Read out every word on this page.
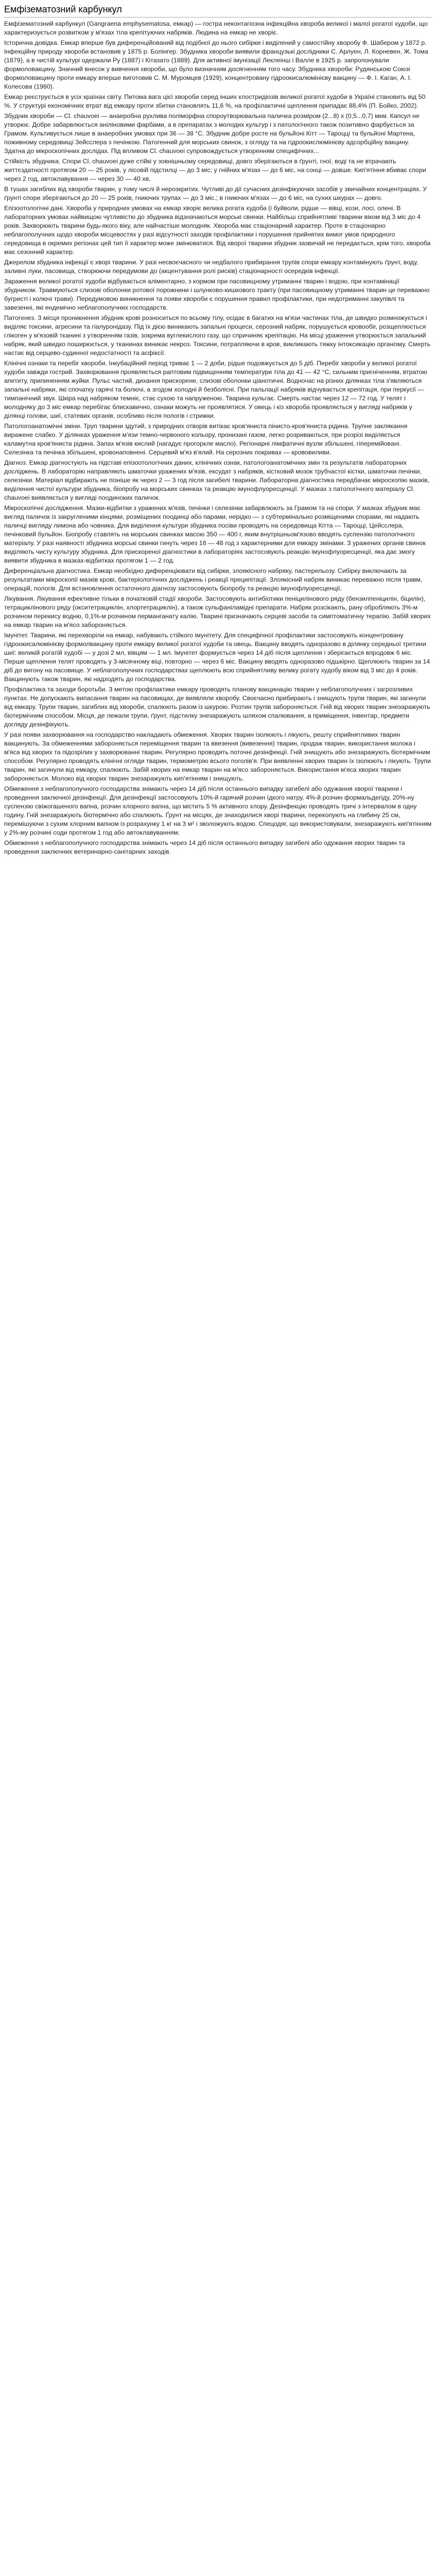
Емфізематозний карбункул

Емфізематозний карбункул (Gangraena emphysematosa, емкар) — гостра неконтагіозна інфекційна хвороба великої і малої рогатої худоби, що характеризується розвитком у м'язах тіла крепітуючих набряків. Людина на емкар не хворіє.

Історична довідка. Емкар вперше був диференційований від подібної до нього сибірки і виділений у самостійну хворобу Ф. Шабером у 1872 р. Інфекційну природу хвороби встановив у 1875 р. Болінгер. Збудника хвороби виявили французькі дослідники С. Арлуен, Л. Корневен, Ж. Тома (1879), а в чистій культурі одержали Ру (1887) і Кітазато (1889). Для активної імунізації Леклеінш і Валле в 1925 р. запропонували формоловакцину. Значний внесок у вивчення хвороби, що було визначним досягненням того часу. Збудника хвороби: Рудянською Союзі формоловакцину проти емкару вперше виготовив С. М. Муромцев (1929), концентровану гідроокисалюмінієву вакцину — Ф. І. Каган, А. І. Колесова (1960).

Емкар реєструється в усіх країнах світу. Питома вага цієї хвороби серед інших клостридіозів великої рогатої худоби в Україні становить від 50 %. У структурі економічних втрат від емкару проти збитки становлять 11,6 %, на профілактичні щеплення припадає 88,4% (П. Бойко, 2002).

Збудник хвороби — Cl. chauvoei — анаеробна рухлива поліморфна спороутворювальна паличка розміром (2...8) х (0,5...0,7) мкм. Капсул не утворює. Добре забарвлюється аніліновими фарбами, а в препаратах з молодих культур і з патологічного також позитивно фарбується за Грамом. Культивується лише в анаеробних умовах при 36 — 38 °С. Збудник добре росте на бульйоні Кітт — Тароцці та бульйоні Мартена, поживному середовищі Зейсслера з печінкою. Патогенний для морських свинок, з огляду та на гідроокислюмінієву адсорбційну вакцину. Здатна до мікроскопічних дослідах. Під впливом Cl. chauvoei супровождується утворенням специфічних...

Стійкість збудника. Спори Cl. chauvoei дуже стійкі у зовнішньому середовищі, довго зберігаються в ґрунті, гної, воді та не втрачають життєздатності протягом 20 — 25 років, у лісовій підстилці — до 3 міс; у гнійних м'язах — до 6 міс, на сонці — довше. Кип'ятіння вбиває спори через 2 год, автоклавування — через 30 — 40 хв.

В тушах загиблих від хвороби тварин, у тому числі й нерозкритих. Чутливі до дії сучасних дезінфікуючих засобів у звичайних концентраціях. У ґрунті спори зберігаються до 20 — 25 років, гниючих трупах — до 3 міс.; в гниючих м'язах — до 6 міс, на сухих шкурах — довго.

Епізоотологічні дані. Хвороба у природних умовах на емкар хворіє велика рогата худоба (і буйволи, рідше — вівці, кози, лосі, олені. В лабораторних умовах найвищою чутливістю до збудника відзначаються морські свинки. Найбільш сприйнятливі тварини віком від 3 міс до 4 років. Захворюють тварини будь-якого віку, але найчастіше молодняк. Хвороба має стаціонарний характер. Проте в стаціонарно неблагополучних щодо хвороби місцевостях у разі відсутності заходів профілактики і порушення прийнятих вимог умов природного середовища в окремих регіонах цей тип її характер може змінюватися. Від хворої тварини збудник зазвичай не передається, крім того, хвороба має сезонний характер.

Джерелом збудника інфекції є хворі тварини. У разі несвоєчасного чи недбалого прибирання трупів спори емкару контамінують ґрунт, воду, заливні луки, пасовища, створюючи передумови до (акцентування ролі рисків) стаціонарності осередків інфекції.

Зараження великої рогатої худоби відбувається аліментарно, з кормом при пасовищному утриманні тварин і водою, при контамінації збудником. Травмуються слизові оболонки ротової порожнини і шлунково-кишкового тракту (при пасовищному утриманні тварин це переважно бугристі і колючі трави). Передумовою виникнення та появи хвороби є порушення правил профілактики, при недотриманні закупівлі та завезенні, які ендемічно неблагополучних господарств.

Патогенез. З місця проникнення збудник крові розноситься по всьому тілу, осідає в багатих на м'язи частинах тіла, де швидко розмножується і виділяє токсини, агресини та гіалуронідазу. Під їх дією виникають запальні процеси, серозний набряк, порушується кровообіг, розщеплюється глікоген у м'язовій тканині з утворенням газів, зокрема вуглекислого газу, що спричиняє крепітацію. На місці ураження утворюється запальний набряк, який швидко поширюється, у тканинах виникає некроз. Токсини, потрапляючи в кров, викликають тяжку інтоксикацію організму. Смерть настає від серцево-судинної недостатності та асфіксії.

Клінічні ознаки та перебіг хвороби. Інкубаційний період триває 1 — 2 доби, рідше подовжується до 5 діб. Перебіг хвороби у великої рогатої худоби завжди гострий. Захворювання проявляється раптовим підвищенням температури тіла до 41 — 42 °С, сильним пригніченням, втратою апетиту, припиненням жуйки. Пульс частий, дихання прискорене, слизові оболонки ціанотичні. Водночас на різних ділянках тіла з'являються запальні набряки, які спочатку гарячі та болючі, а згодом холодні й безболісні. При пальпації набряків відчувається крепітація, при перкусії — тимпанічний звук. Шкіра над набряком темніє, стає сухою та напруженою. Тварина кульгає. Смерть настає через 12 — 72 год. У телят і молодняку до 3 міс емкар перебігає блискавично, ознаки можуть не проявлятися. У овець і кіз хвороба проявляється у вигляді набряків у ділянці голови, шиї, статевих органів, особливо після пологів і стрижки.

Патологоанатомічні зміни. Труп тварини здутий, з природних отворів витікає кров'яниста пінисто-кров'яниста рідина. Трупне заклякання виражене слабко. У ділянках ураження м'язи темно-червоного кольору, пронизані газом, легко розриваються, при розрізі виділяється каламутна кров'яниста рідина. Запах м'язів кислий (нагадує прогоркле масло). Регіонарні лімфатичні вузли збільшені, гіперемійовані. Селезінка та печінка збільшені, кровонаповнені. Серцевий м'яз в'ялий. На серозних покривах — крововиливи.

Діагноз. Емкар діагностують на підставі епізоотологічних даних, клінічних ознак, патологоанатомічних змін та результатів лабораторних досліджень. В лабораторію направляють шматочки уражених м'язів, ексудат з набряків, кістковий мозок трубчастої кістки, шматочки печінки, селезінки. Матеріал відбирають не пізніше як через 2 — 3 год після загибелі тварини. Лабораторна діагностика передбачає мікроскопію мазків, виділення чистої культури збудника, біопробу на морських свинках та реакцію імунофлуоресценції. У мазках з патологічного матеріалу Cl. chauvoei виявляється у вигляді поодиноких паличок.

Мікроскопічні дослідження. Мазки-відбитки з уражених м'язів, печінки і селезінки забарвлюють за Грамом та на спори. У мазках збудник має вигляд паличок із закругленими кінцями, розміщених поодинці або парами, нерідко — з субтермінально розміщеними спорами, які надають паличці вигляду лимона або човника. Для виділення культури збудника посіви проводять на середовища Кітта — Тароцці, Цейсслера, печінковий бульйон. Біопробу ставлять на морських свинках масою 350 — 400 г, яким внутрішньом'язово вводять суспензію патологічного матеріалу. У разі наявності збудника морські свинки гинуть через 16 — 48 год з характерними для емкару змінами. З уражених органів свинок виділяють чисту культуру збудника. Для прискореної діагностики в лабораторіях застосовують реакцію імунофлуоресценції, яка дає змогу виявити збудника в мазках-відбитках протягом 1 — 2 год.

Диференціальна діагностика. Емкар необхідно диференціювати від сибірки, злоякісного набряку, пастерельозу. Сибірку виключають за результатами мікроскопії мазків крові, бактеріологічних досліджень і реакції преципітації. Злоякісний набряк виникає переважно після травм, операцій, пологів. Для встановлення остаточного діагнозу застосовують біопробу та реакцію імунофлуоресценції.

Лікування. Лікування ефективне тільки в початковій стадії хвороби. Застосовують антибіотики пеніцилінового ряду (бензилпеніцилін, біцилін), тетрациклінового ряду (окситетрациклін, хлортетрациклін), а також сульфаніламідні препарати. Набряк розсікають, рану обробляють 3%-м розчином перекису водню, 0,1%-м розчином перманганату калію. Тварині призначають серцеві засоби та симптоматичну терапію. Забій хворих на емкар тварин на м'ясо забороняється.

Імунітет. Тварини, які перехворіли на емкар, набувають стійкого імунітету. Для специфічної профілактики застосовують концентровану гідроокисалюмінієву формолвакцину проти емкару великої рогатої худоби та овець. Вакцину вводять одноразово в ділянку середньої третини шиї: великій рогатій худобі — у дозі 2 мл, вівцям — 1 мл. Імунітет формується через 14 діб після щеплення і зберігається впродовж 6 міс. Перше щеплення телят проводять у 3-місячному віці, повторно — через 6 міс. Вакцину вводять одноразово підшкірно. Щеплюють тварин за 14 діб до вигону на пасовище. У неблагополучних господарствах щеплюють всю сприйнятливу велику рогату худобу віком від 3 міс до 4 років. Вакцинують також тварин, які надходять до господарства.

Профілактика та заходи боротьби. З метою профілактики емкару проводять планову вакцинацію тварин у неблагополучних і загрозливих пунктах. Не допускають випасання тварин на пасовищах, де виявляли хворобу. Своєчасно прибирають і знищують трупи тварин, які загинули від емкару. Трупи тварин, загиблих від хвороби, спалюють разом із шкурою. Розтин трупів забороняється. Гній від хворих тварин знезаражують біотермічним способом. Місця, де лежали трупи, ґрунт, підстилку знезаражують шляхом спалювання, а приміщення, інвентар, предмети догляду дезінфікують.

У разі появи захворювання на господарство накладають обмеження. Хворих тварин ізолюють і лікують, решту сприйнятливих тварин вакцинують. За обмеженнями забороняється переміщення тварин та ввезення (вивезення) тварин, продаж тварин, використання молока і м'яса від хворих та підозрілих у захворюванні тварин. Регулярно проводять поточні дезінфекції. Гній знищують або знезаражують біотермічним способом. Регулярно проводять клінічні огляди тварин, термометрію всього поголів'я. При виявленні хворих тварин їх ізолюють і лікують. Трупи тварин, які загинули від емкару, спалюють. Забій хворих на емкар тварин на м'ясо забороняється. Використання м'яса хворих тварин забороняється. Молоко від хворих тварин знезаражують кип'ятінням і знищують.

Обмеження з неблагополучного господарства знімають через 14 діб після останнього випадку загибелі або одужання хворої тварини і проведення заключної дезінфекції. Для дезінфекції застосовують 10%-й гарячий розчин їдкого натру, 4%-й розчин формальдегіду, 20%-ну суспензію свіжогашеного вапна, розчин хлорного вапна, що містить 5 % активного хлору. Дезінфекцію проводять тричі з інтервалом в одну годину. Гній знезаражують біотермічно або спалюють. Ґрунт на місцях, де знаходилися хворі тварини, перекопують на глибину 25 см, перемішуючи з сухим хлорним вапном із розрахунку 1 кг на 3 м² і зволожують водою. Спецодяг, що використовували, знезаражують кип'ятінням у 2%-му розчині соди протягом 1 год або автоклавуванням.

Обмеження з неблагополучного господарства знімають через 14 діб після останнього випадку загибелі або одужання хворих тварин та проведення заключних ветеринарно-санітарних заходів.
